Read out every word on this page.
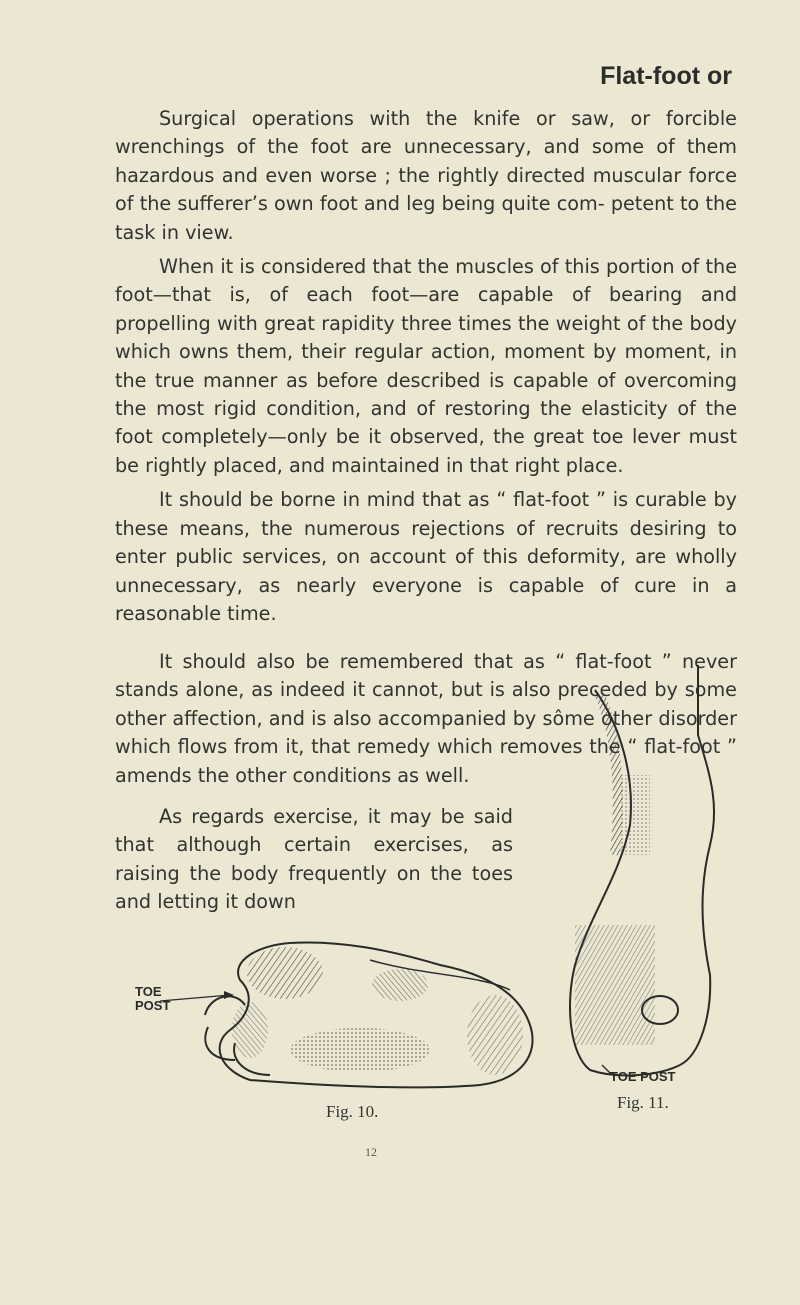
Flat-foot or

Surgical operations with the knife or saw, or forcible wrenchings of the foot are unnecessary, and some of them hazardous and even worse ; the rightly directed muscular force of the sufferer’s own foot and leg being quite com- petent to the task in view.

When it is considered that the muscles of this portion of the foot—that is, of each foot—are capable of bearing and propelling with great rapidity three times the weight of the body which owns them, their regular action, moment by moment, in the true manner as before described is capable of overcoming the most rigid condition, and of restoring the elasticity of the foot completely—only be it observed, the great toe lever must be rightly placed, and maintained in that right place.

It should be borne in mind that as “ flat-foot ” is curable by these means, the numerous rejections of recruits desiring to enter public services, on account of this deformity, are wholly unnecessary, as nearly everyone is capable of cure in a reasonable time.

It should also be remembered that as “ flat-foot ” never stands alone, as indeed it cannot, but is also preceded by some other affection, and is also accompanied by sôme other disorder which flows from it, that remedy which removes the “ flat-foot ” amends the other conditions as well.

As regards exercise, it may be said that although certain exercises, as raising the body frequently on the toes and letting it down

TOE POST
TOE POST
Fig. 10.	Fig. 11.
12
